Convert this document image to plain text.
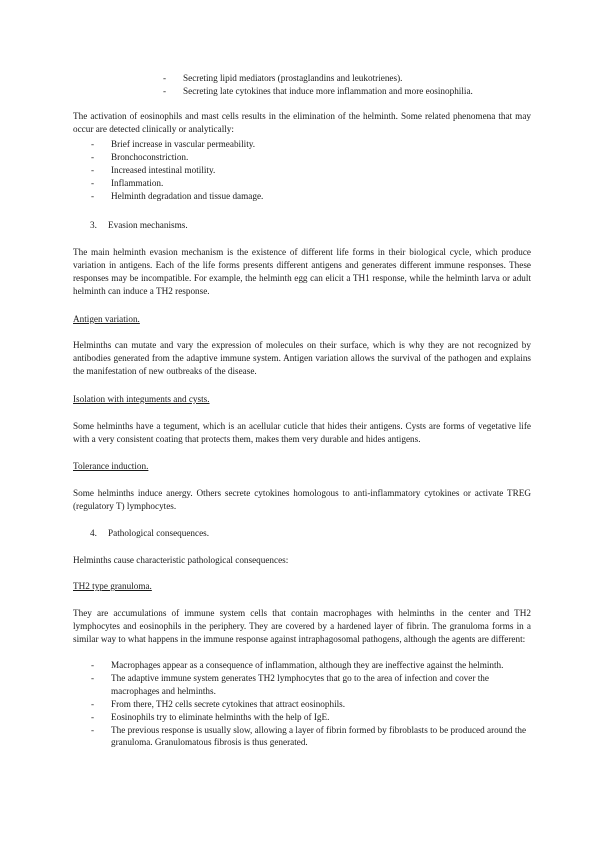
- Secreting lipid mediators (prostaglandins and leukotrienes).
- Secreting late cytokines that induce more inflammation and more eosinophilia.

The activation of eosinophils and mast cells results in the elimination of the helminth. Some related phenomena that may occur are detected clinically or analytically:

- Brief increase in vascular permeability.
- Bronchoconstriction.
- Increased intestinal motility.
- Inflammation.
- Helminth degradation and tissue damage.
3. Evasion mechanisms.

The main helminth evasion mechanism is the existence of different life forms in their biological cycle, which produce variation in antigens. Each of the life forms presents different antigens and generates different immune responses. These responses may be incompatible. For example, the helminth egg can elicit a TH1 response, while the helminth larva or adult helminth can induce a TH2 response.

Antigen variation.

Helminths can mutate and vary the expression of molecules on their surface, which is why they are not recognized by antibodies generated from the adaptive immune system. Antigen variation allows the survival of the pathogen and explains the manifestation of new outbreaks of the disease.

Isolation with integuments and cysts.

Some helminths have a tegument, which is an acellular cuticle that hides their antigens. Cysts are forms of vegetative life with a very consistent coating that protects them, makes them very durable and hides antigens.

Tolerance induction.

Some helminths induce anergy. Others secrete cytokines homologous to anti-inflammatory cytokines or activate TREG (regulatory T) lymphocytes.

4. Pathological consequences.

Helminths cause characteristic pathological consequences:

TH2 type granuloma.

They are accumulations of immune system cells that contain macrophages with helminths in the center and TH2 lymphocytes and eosinophils in the periphery. They are covered by a hardened layer of fibrin. The granuloma forms in a similar way to what happens in the immune response against intraphagosomal pathogens, although the agents are different:

- Macrophages appear as a consequence of inflammation, although they are ineffective against the helminth.
- The adaptive immune system generates TH2 lymphocytes that go to the area of infection and cover the macrophages and helminths.
- From there, TH2 cells secrete cytokines that attract eosinophils.
- Eosinophils try to eliminate helminths with the help of IgE.
- The previous response is usually slow, allowing a layer of fibrin formed by fibroblasts to be produced around the granuloma. Granulomatous fibrosis is thus generated.
